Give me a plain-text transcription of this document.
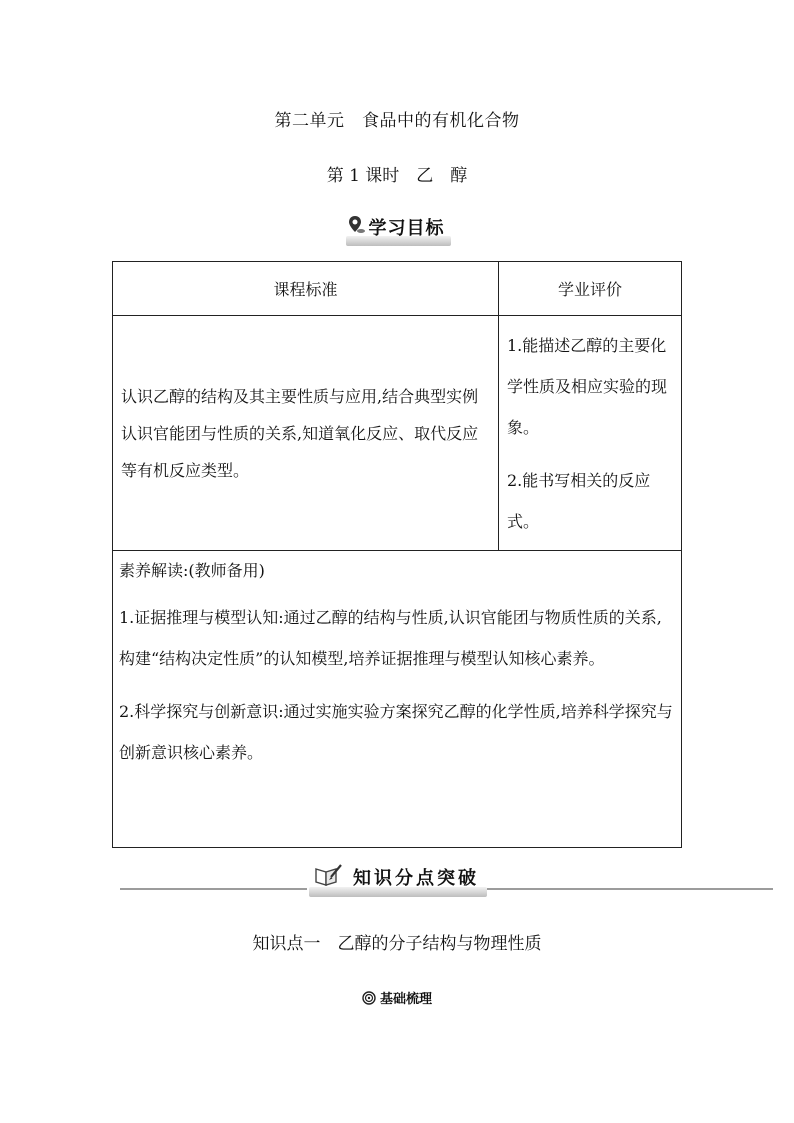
第二单元　食品中的有机化合物
第 1 课时　乙　醇
学习目标
课程标准	学业评价
认识乙醇的结构及其主要性质与应用,结合典型实例认识官能团与性质的关系,知道氧化反应、取代反应等有机反应类型。	1.能描述乙醇的主要化学性质及相应实验的现象。

2.能书写相关的反应式。

素养解读:(教师备用)

1.证据推理与模型认知:通过乙醇的结构与性质,认识官能团与物质性质的关系,构建“结构决定性质”的认知模型,培养证据推理与模型认知核心素养。

2.科学探究与创新意识:通过实施实验方案探究乙醇的化学性质,培养科学探究与创新意识核心素养。	

知识分点突破
知识点一　乙醇的分子结构与物理性质
基础梳理
